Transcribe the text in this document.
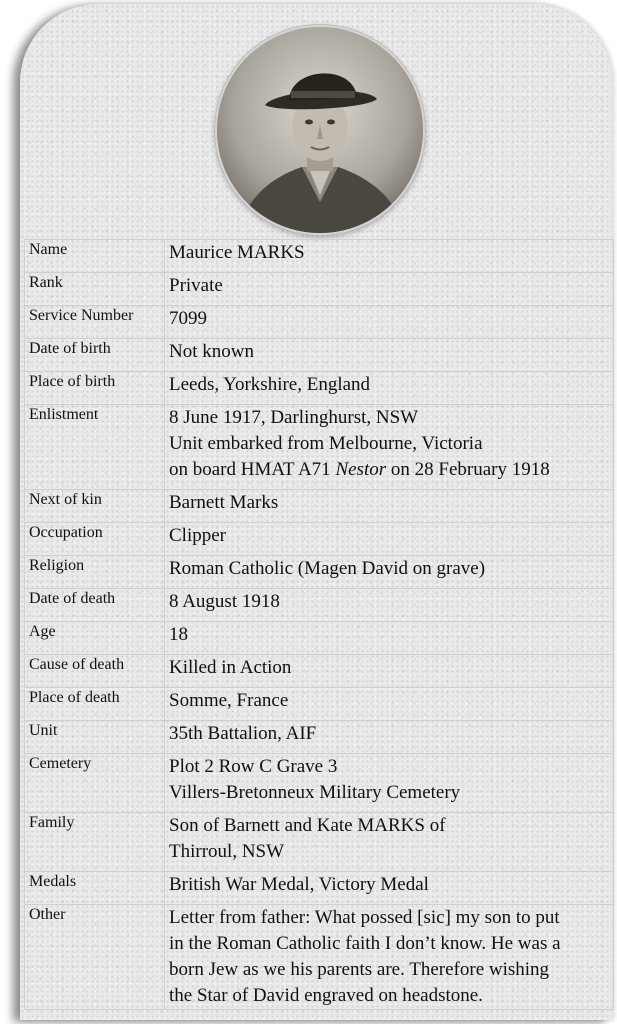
Name	Maurice MARKS
Rank	Private
Service Number	7099
Date of birth	Not known
Place of birth	Leeds, Yorkshire, England
Enlistment	8 June 1917, Darlinghurst, NSW
Unit embarked from Melbourne, Victoria
on board HMAT A71 Nestor on 28 February 1918

Next of kin	Barnett Marks
Occupation	Clipper
Religion	Roman Catholic (Magen David on grave)
Date of death	8 August 1918
Age	18
Cause of death	Killed in Action
Place of death	Somme, France
Unit	35th Battalion, AIF
Cemetery	Plot 2 Row C Grave 3
Villers-Bretonneux Military Cemetery

Family	Son of Barnett and Kate MARKS of
Thirroul, NSW

Medals	British War Medal, Victory Medal
Other	Letter from father: What possed [sic] my son to put
in the Roman Catholic faith I don’t know. He was a
born Jew as we his parents are. Therefore wishing
the Star of David engraved on headstone.
